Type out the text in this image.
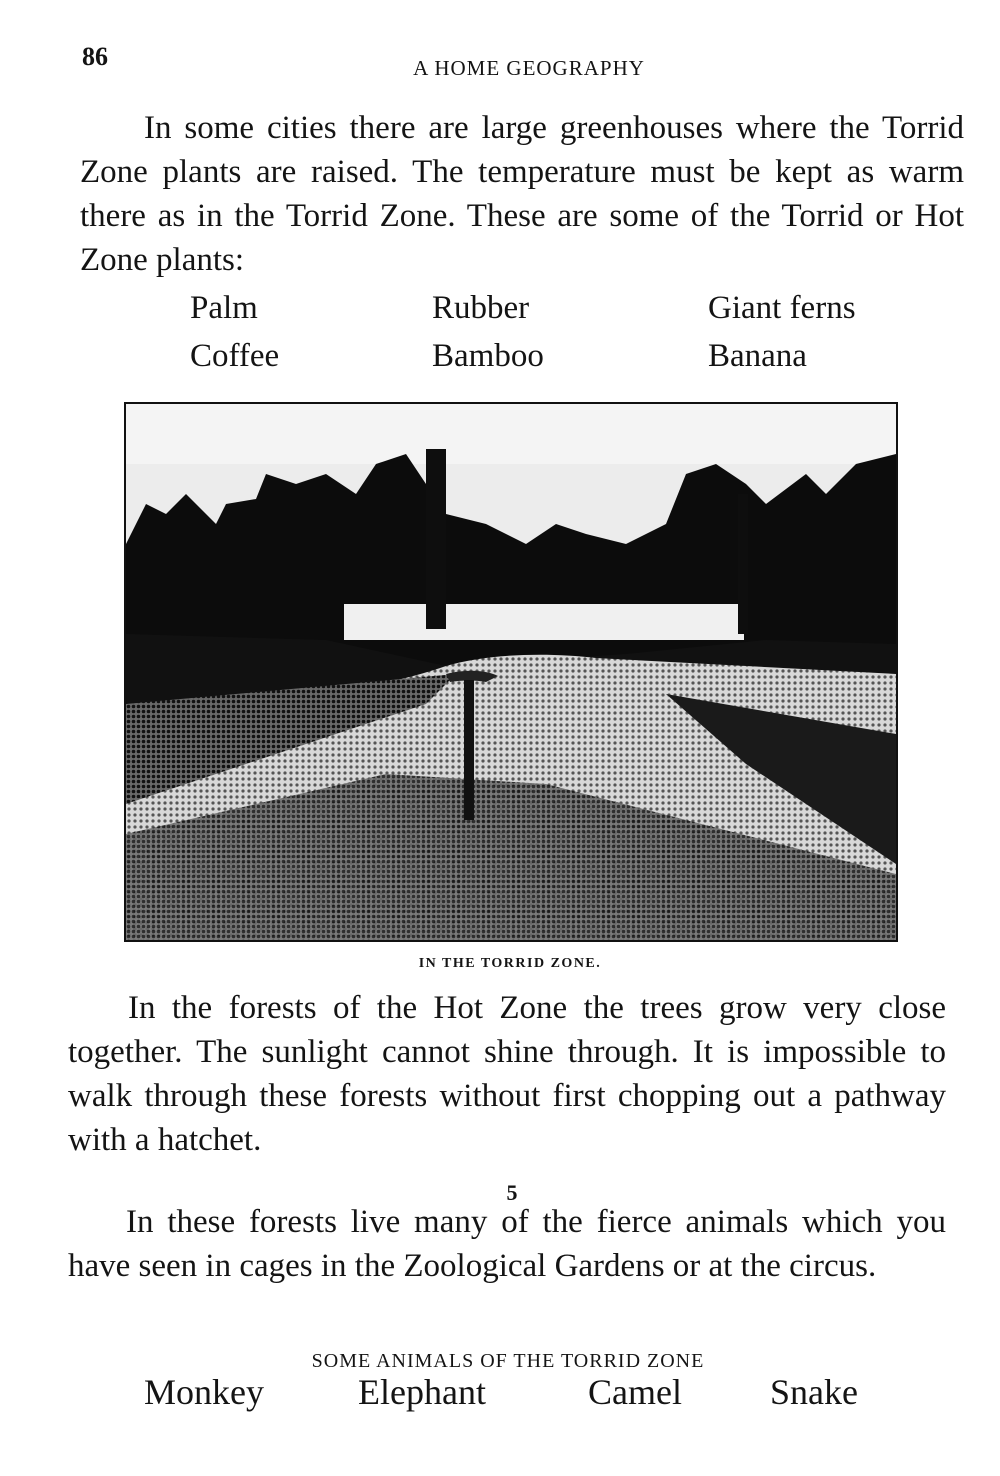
86	A HOME GEOGRAPHY

In some cities there are large greenhouses where the Torrid Zone plants are raised. The temperature must be kept as warm there as in the Torrid Zone. These are some of the Torrid or Hot Zone plants:

Palm	Rubber	Giant ferns
Coffee	Bamboo	Banana
IN THE TORRID ZONE.

In the forests of the Hot Zone the trees grow very close together. The sunlight cannot shine through. It is impossible to walk through these forests without first chopping out a pathway with a hatchet.

5

In these forests live many of the fierce animals which you have seen in cages in the Zoological Gardens or at the circus.

SOME ANIMALS OF THE TORRID ZONE
Monkey	Elephant	Camel Snake
